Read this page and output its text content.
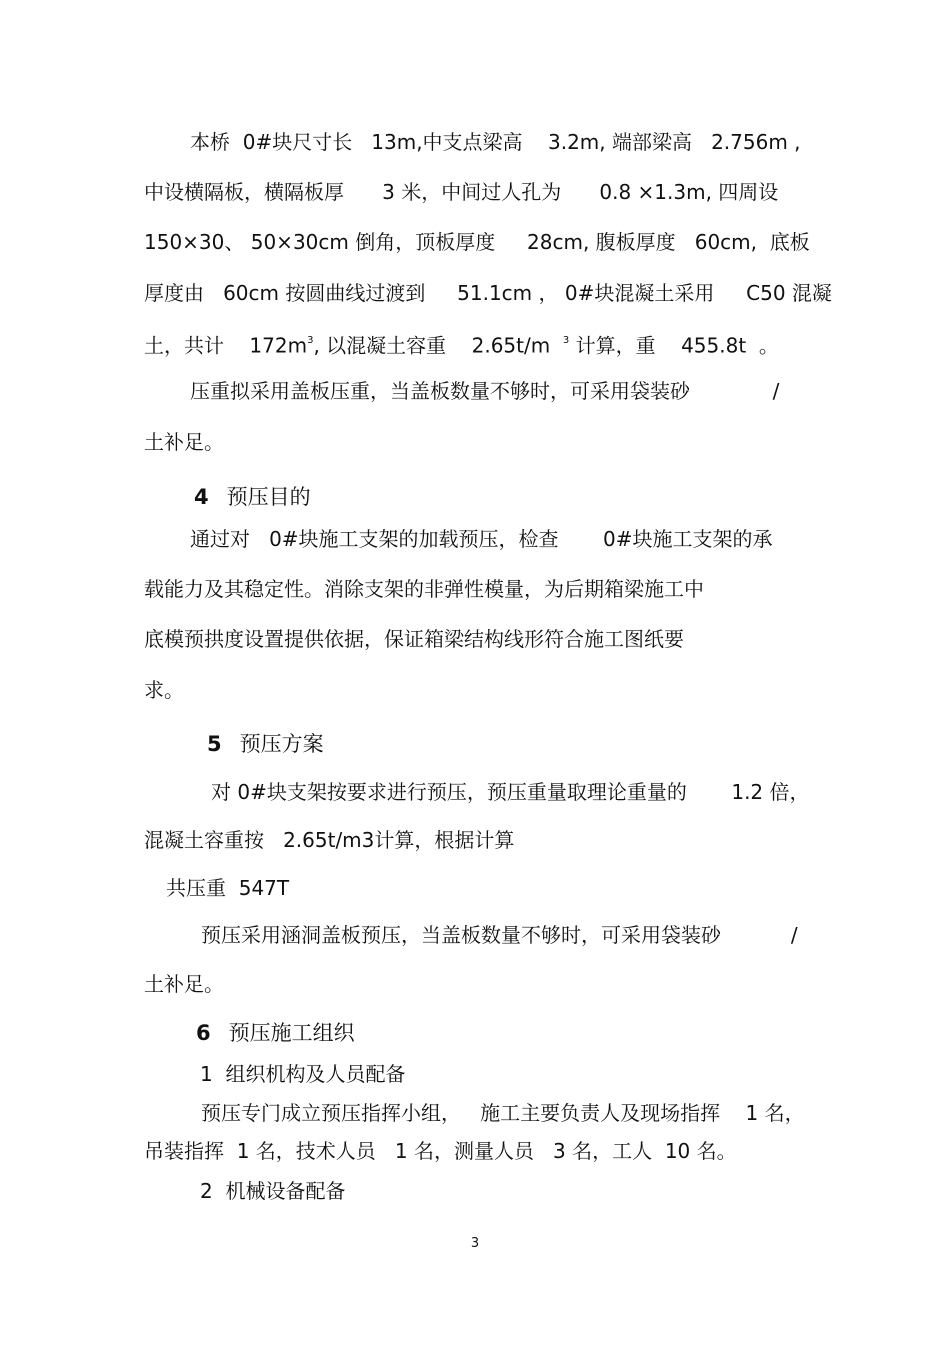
本桥  0#块尺寸长   13m,中支点梁高    3.2m, 端部梁高   2.756m ,
中设横隔板，横隔板厚      3 米，中间过人孔为      0.8 ×1.3m, 四周设
150×30、 50×30cm 倒角，顶板厚度     28cm, 腹板厚度   60cm,  底板
厚度由   60cm 按圆曲线过渡到     51.1cm ， 0#块混凝土采用     C50 混凝
土，共计    $172m^3$, 以混凝土容重    2.65t/m  $^3$ 计算，重    455.8t  。
压重拟采用盖板压重，当盖板数量不够时，可采用袋装砂             /
土补足。
4 预压目的
通过对   0#块施工支架的加载预压，检查       0#块施工支架的承
载能力及其稳定性。消除支架的非弹性模量，为后期箱梁施工中
底模预拱度设置提供依据，保证箱梁结构线形符合施工图纸要
求。
5 预压方案
对 0#块支架按要求进行预压，预压重量取理论重量的       1.2 倍，
混凝土容重按   2.65t/m3计算，根据计算
共压重  547T
预压采用涵洞盖板预压，当盖板数量不够时，可采用袋装砂           /
土补足。
6 预压施工组织
1  组织机构及人员配备
预压专门成立预压指挥小组，   施工主要负责人及现场指挥    1 名，
吊装指挥  1 名，技术人员   1 名，测量人员   3 名，工人  10 名。
2  机械设备配备
3
